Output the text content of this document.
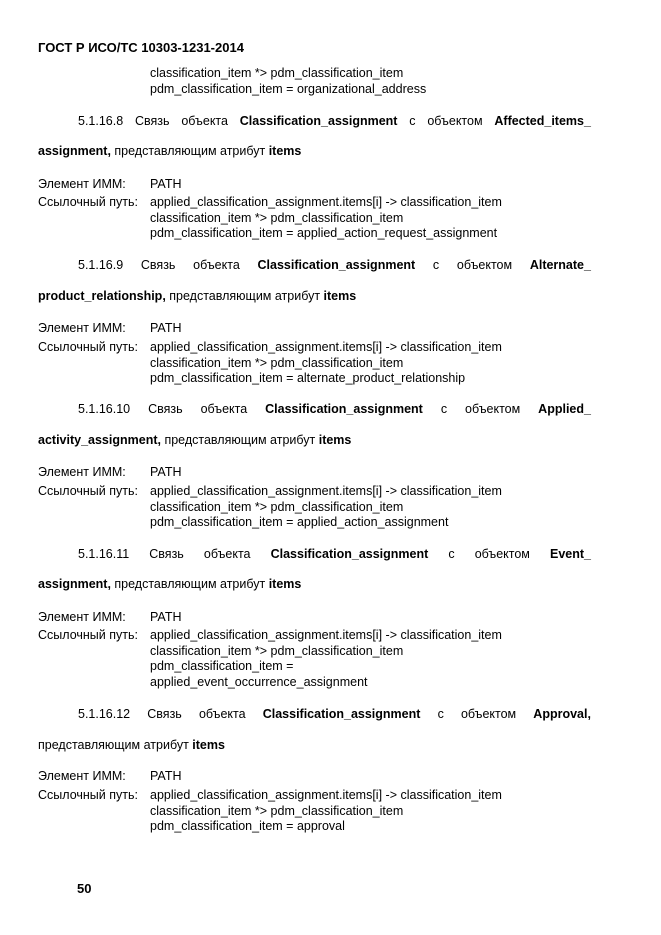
ГОСТ Р ИСО/ТС 10303-1231-2014
classification_item *> pdm_classification_item
pdm_classification_item = organizational_address
5.1.16.8 Связь объекта Classification_assignment с объектом Affected_items_
assignment, представляющим атрибут items
Элемент ИММ: PATH
Ссылочный путь: applied_classification_assignment.items[i] -> classification_item
classification_item *> pdm_classification_item
pdm_classification_item = applied_action_request_assignment
5.1.16.9 Связь объекта Classification_assignment с объектом Alternate_
product_relationship, представляющим атрибут items
Элемент ИММ: PATH
Ссылочный путь: applied_classification_assignment.items[i] -> classification_item
classification_item *> pdm_classification_item
pdm_classification_item = alternate_product_relationship
5.1.16.10 Связь объекта Classification_assignment с объектом Applied_
activity_assignment, представляющим атрибут items
Элемент ИММ: PATH
Ссылочный путь: applied_classification_assignment.items[i] -> classification_item
classification_item *> pdm_classification_item
pdm_classification_item = applied_action_assignment
5.1.16.11 Связь объекта Classification_assignment с объектом Event_
assignment, представляющим атрибут items
Элемент ИММ: PATH
Ссылочный путь: applied_classification_assignment.items[i] -> classification_item
classification_item *> pdm_classification_item
pdm_classification_item =
applied_event_occurrence_assignment
5.1.16.12 Связь объекта Classification_assignment с объектом Approval,
представляющим атрибут items
Элемент ИММ: PATH
Ссылочный путь: applied_classification_assignment.items[i] -> classification_item
classification_item *> pdm_classification_item
pdm_classification_item = approval
50
